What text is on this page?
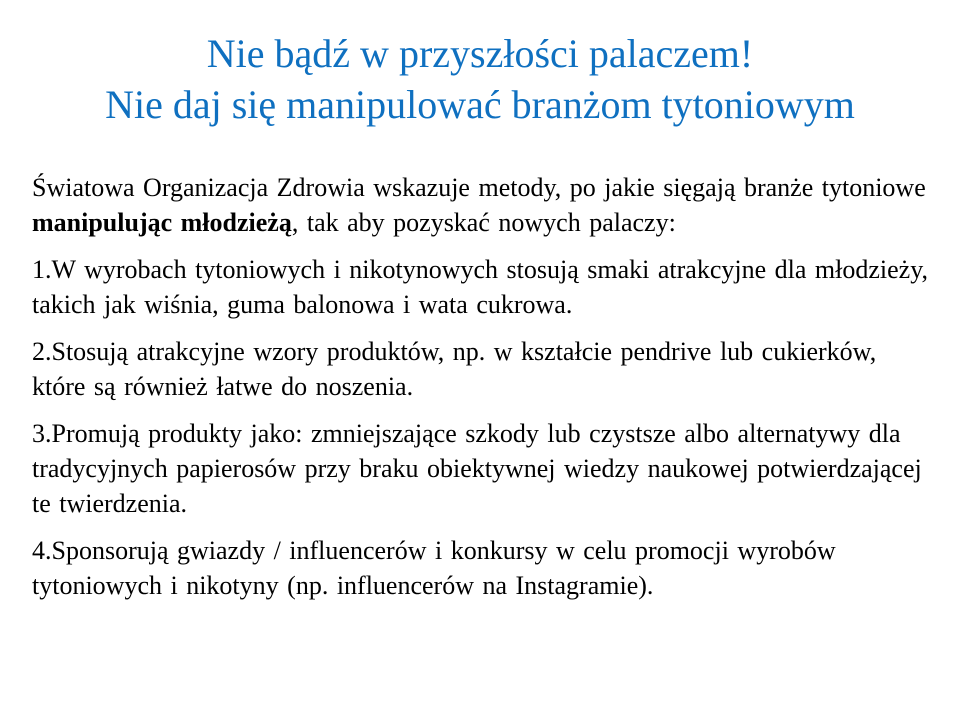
Nie bądź w przyszłości palaczem!
Nie daj się manipulować branżom tytoniowym

Światowa Organizacja Zdrowia wskazuje metody, po jakie sięgają branże tytoniowe manipulując młodzieżą, tak aby pozyskać nowych palaczy:

1.W wyrobach tytoniowych i nikotynowych stosują smaki atrakcyjne dla młodzieży, takich jak wiśnia, guma balonowa i wata cukrowa.

2.Stosują atrakcyjne wzory produktów, np. w kształcie pendrive lub cukierków, które są również łatwe do noszenia.

3.Promują produkty jako: zmniejszające szkody lub czystsze albo alternatywy dla tradycyjnych papierosów przy braku obiektywnej wiedzy naukowej potwierdzającej te twierdzenia.

4.Sponsorują gwiazdy / influencerów i konkursy w celu promocji wyrobów tytoniowych i nikotyny (np. influencerów na Instagramie).
